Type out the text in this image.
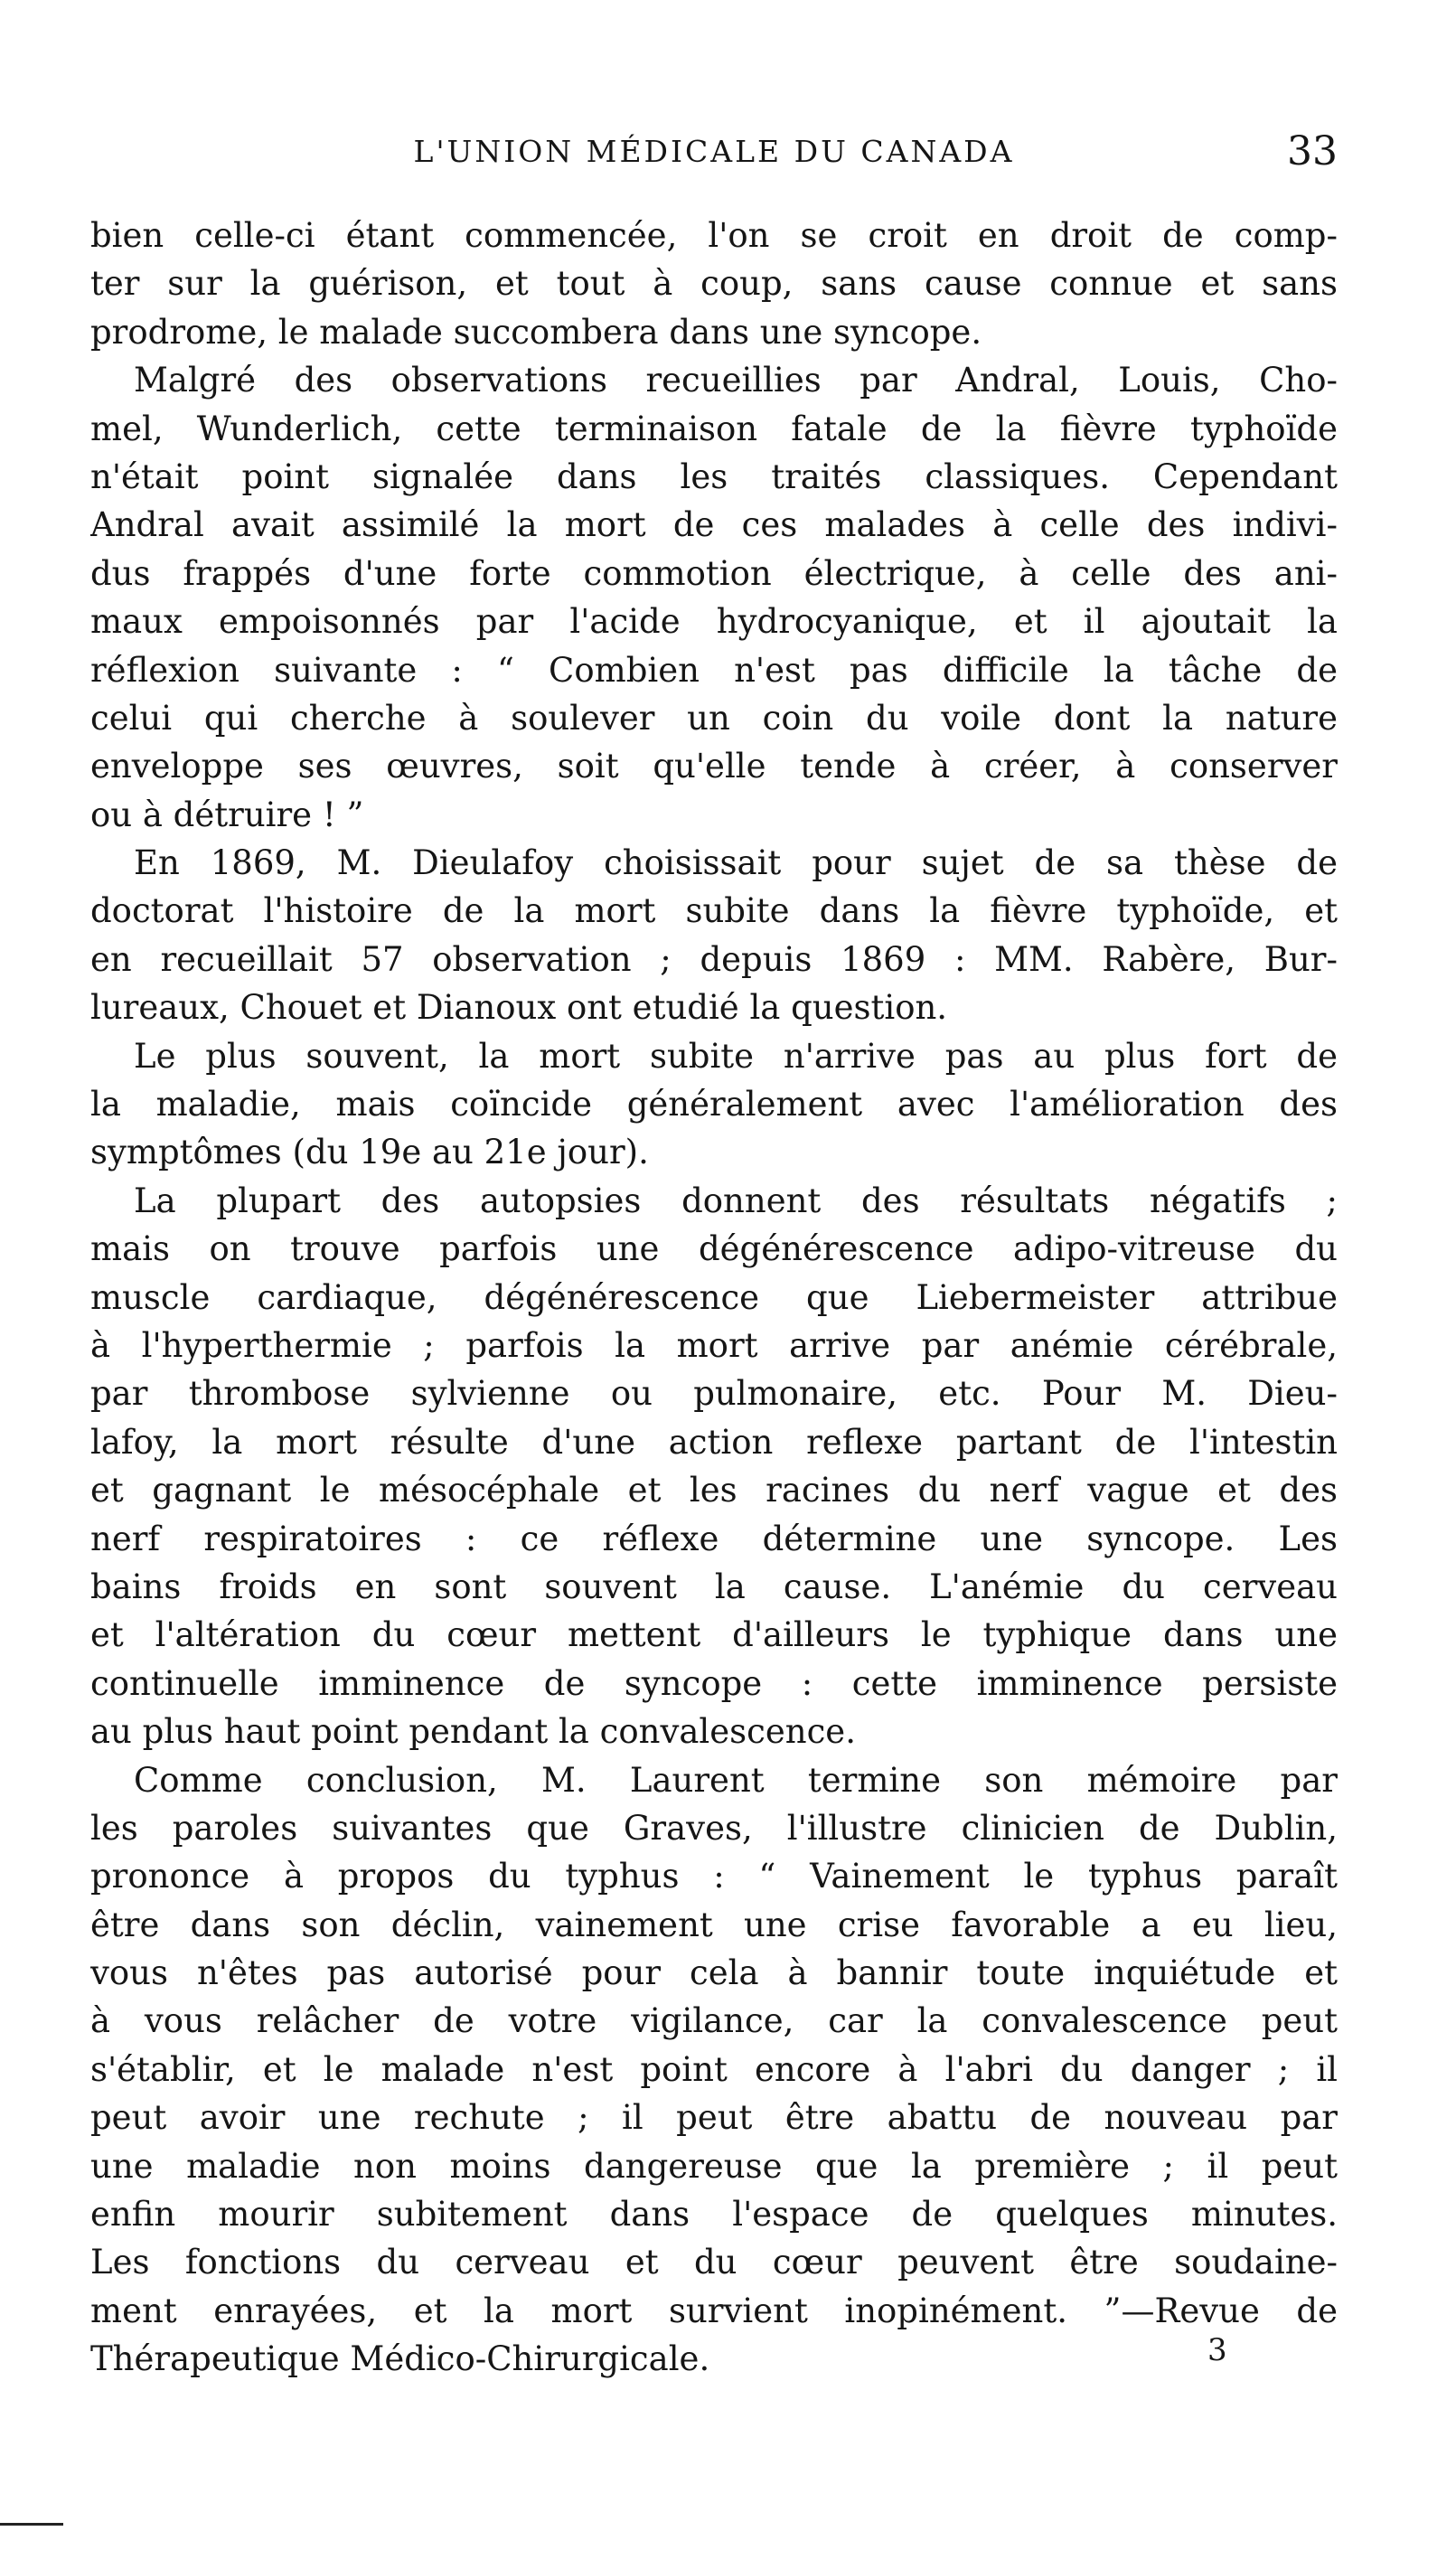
L'UNION MÉDICALE DU CANADA	33
bien celle-ci étant commencée, l'on se croit en droit de comp-
ter sur la guérison, et tout à coup, sans cause connue et sans
prodrome, le malade succombera dans une syncope.
Malgré des observations recueillies par Andral, Louis, Cho-
mel, Wunderlich, cette terminaison fatale de la fièvre typhoïde
n'était point signalée dans les traités classiques. Cependant
Andral avait assimilé la mort de ces malades à celle des indivi-
dus frappés d'une forte commotion électrique, à celle des ani-
maux empoisonnés par l'acide hydrocyanique, et il ajoutait la
réflexion suivante : “ Combien n'est pas difficile la tâche de
celui qui cherche à soulever un coin du voile dont la nature
enveloppe ses œuvres, soit qu'elle tende à créer, à conserver
ou à détruire ! ”
En 1869, M. Dieulafoy choisissait pour sujet de sa thèse de
doctorat l'histoire de la mort subite dans la fièvre typhoïde, et
en recueillait 57 observation ; depuis 1869 : MM. Rabère, Bur-
lureaux, Chouet et Dianoux ont etudié la question.
Le plus souvent, la mort subite n'arrive pas au plus fort de
la maladie, mais coïncide généralement avec l'amélioration des
symptômes (du 19e au 21e jour).
La plupart des autopsies donnent des résultats négatifs ;
mais on trouve parfois une dégénérescence adipo-vitreuse du
muscle cardiaque, dégénérescence que Liebermeister attribue
à l'hyperthermie ; parfois la mort arrive par anémie cérébrale,
par thrombose sylvienne ou pulmonaire, etc. Pour M. Dieu-
lafoy, la mort résulte d'une action reflexe partant de l'intestin
et gagnant le mésocéphale et les racines du nerf vague et des
nerf respiratoires : ce réflexe détermine une syncope. Les
bains froids en sont souvent la cause. L'anémie du cerveau
et l'altération du cœur mettent d'ailleurs le typhique dans une
continuelle imminence de syncope : cette imminence persiste
au plus haut point pendant la convalescence.
Comme conclusion, M. Laurent termine son mémoire par
les paroles suivantes que Graves, l'illustre clinicien de Dublin,
prononce à propos du typhus : “ Vainement le typhus paraît
être dans son déclin, vainement une crise favorable a eu lieu,
vous n'êtes pas autorisé pour cela à bannir toute inquiétude et
à vous relâcher de votre vigilance, car la convalescence peut
s'établir, et le malade n'est point encore à l'abri du danger ; il
peut avoir une rechute ; il peut être abattu de nouveau par
une maladie non moins dangereuse que la première ; il peut
enfin mourir subitement dans l'espace de quelques minutes.
Les fonctions du cerveau et du cœur peuvent être soudaine-
ment enrayées, et la mort survient inopinément. ”—Revue de
Thérapeutique Médico-Chirurgicale.	3
